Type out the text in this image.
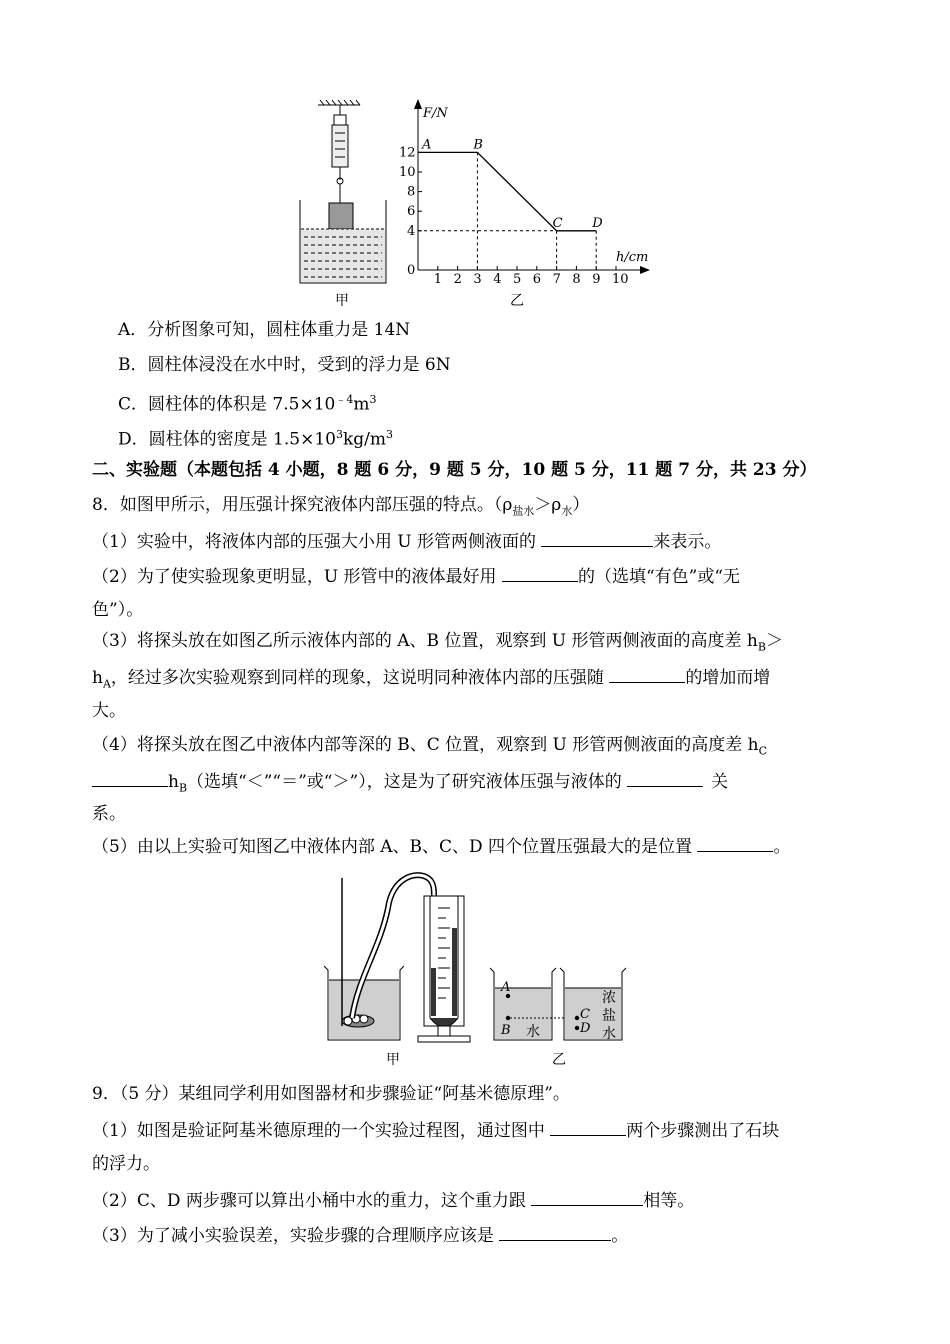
甲
F/N
h/cm
1 2 3 4 5 6 7 8 9 10
0
4
6
8
10
12
A	B
C D
乙
A．分析图象可知，圆柱体重力是 14N
B．圆柱体浸没在水中时，受到的浮力是 6N
C．圆柱体的体积是 $7.5\times 10^{﹣4}m^3$
D．圆柱体的密度是 $1.5\times 10^3kg/m^3$
二、实验题（本题包括 4 小题，8 题 6 分，9 题 5 分，10 题 5 分，11 题 7 分，共 23 分）
8．如图甲所示，用压强计探究液体内部压强的特点。$(\rho_{盐水}>\rho_水)$
（1）实验中，将液体内部的压强大小用 U 形管两侧液面的	来表示。
（2）为了使实验现象更明显，U 形管中的液体最好用	的（选填“有色”或“无
色”）。
（3）将探头放在如图乙所示液体内部的 A、B 位置，观察到 U 形管两侧液面的高度差 $h_B>$
$h_A$，经过多次实验观察到同样的现象，这说明同种液体内部的压强随	的增加而增
大。
（4）将探头放在图乙中液体内部等深的 B、C 位置，观察到 U 形管两侧液面的高度差 $h_C$
$h_B$（选填“＜”“＝”或“＞”），这是为了研究液体压强与液体的	关
系。
（5）由以上实验可知图乙中液体内部 A、B、C、D 四个位置压强最大的是位置	。
甲
A
B 水
C
D
浓
盐
水
乙
9．（5 分）某组同学利用如图器材和步骤验证“阿基米德原理”。
（1）如图是验证阿基米德原理的一个实验过程图，通过图中	两个步骤测出了石块
的浮力。
（2）C、D 两步骤可以算出小桶中水的重力，这个重力跟	相等。
（3）为了减小实验误差，实验步骤的合理顺序应该是	。
